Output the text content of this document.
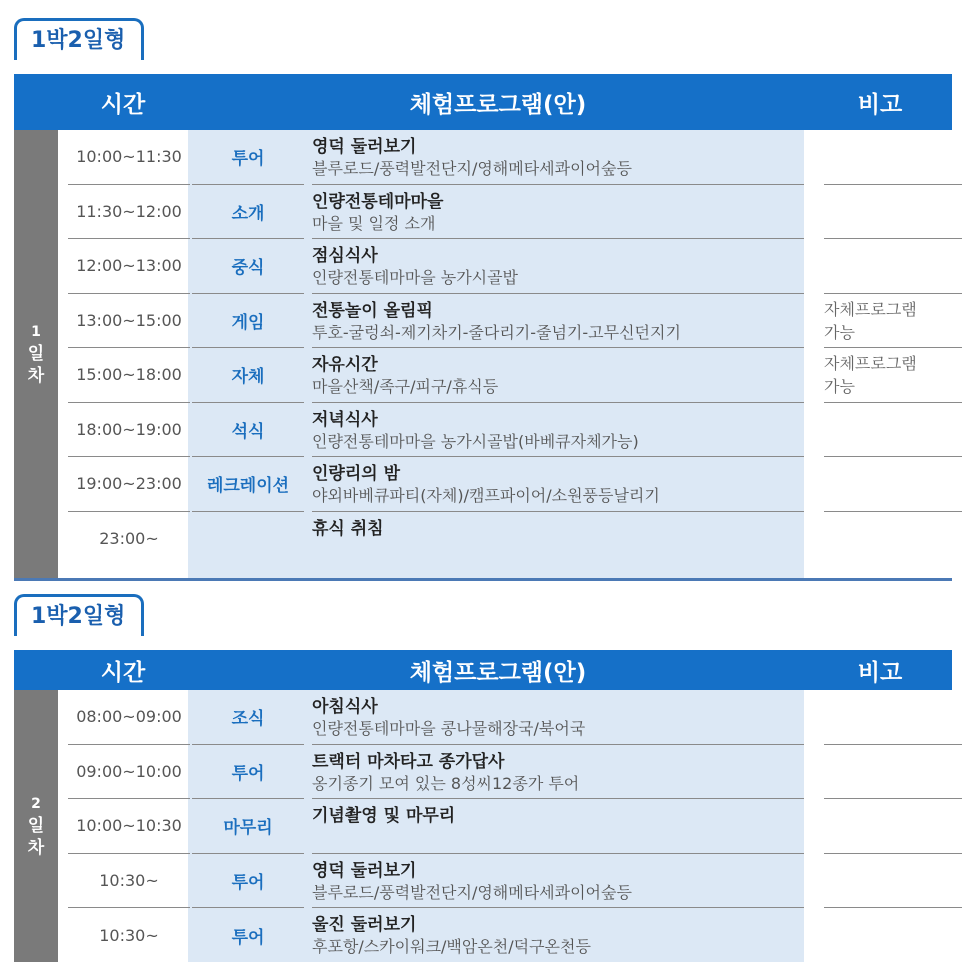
1박2일형
시간	체험프로그램(안)	비고
1
일
차
10:00~11:30	투어
영덕 둘러보기
블루로드/풍력발전단지/영해메타세콰이어숲등
11:30~12:00	소개
인량전통테마마을
마을 및 일정 소개
12:00~13:00	중식
점심식사
인량전통테마마을 농가시골밥
13:00~15:00	게임
전통놀이 올림픽
투호-굴렁쇠-제기차기-줄다리기-줄넘기-고무신던지기
자체프로그램
가능
15:00~18:00	자체
자유시간
마을산책/족구/피구/휴식등
자체프로그램
가능
18:00~19:00	석식
저녁식사
인량전통테마마을 농가시골밥(바베큐자체가능)
19:00~23:00	레크레이션
인량리의 밤
야외바베큐파티(자체)/캠프파이어/소원풍등날리기
23:00~
휴식 취침
1박2일형
시간	체험프로그램(안)	비고
2
일
차
08:00~09:00	조식
아침식사
인량전통테마마을 콩나물해장국/북어국
09:00~10:00	투어
트랙터 마차타고 종가답사
옹기종기 모여 있는 8성씨12종가 투어
10:00~10:30	마무리
기념촬영 및 마무리
10:30~	투어
영덕 둘러보기
블루로드/풍력발전단지/영해메타세콰이어숲등
10:30~	투어
울진 둘러보기
후포항/스카이워크/백암온천/덕구온천등
